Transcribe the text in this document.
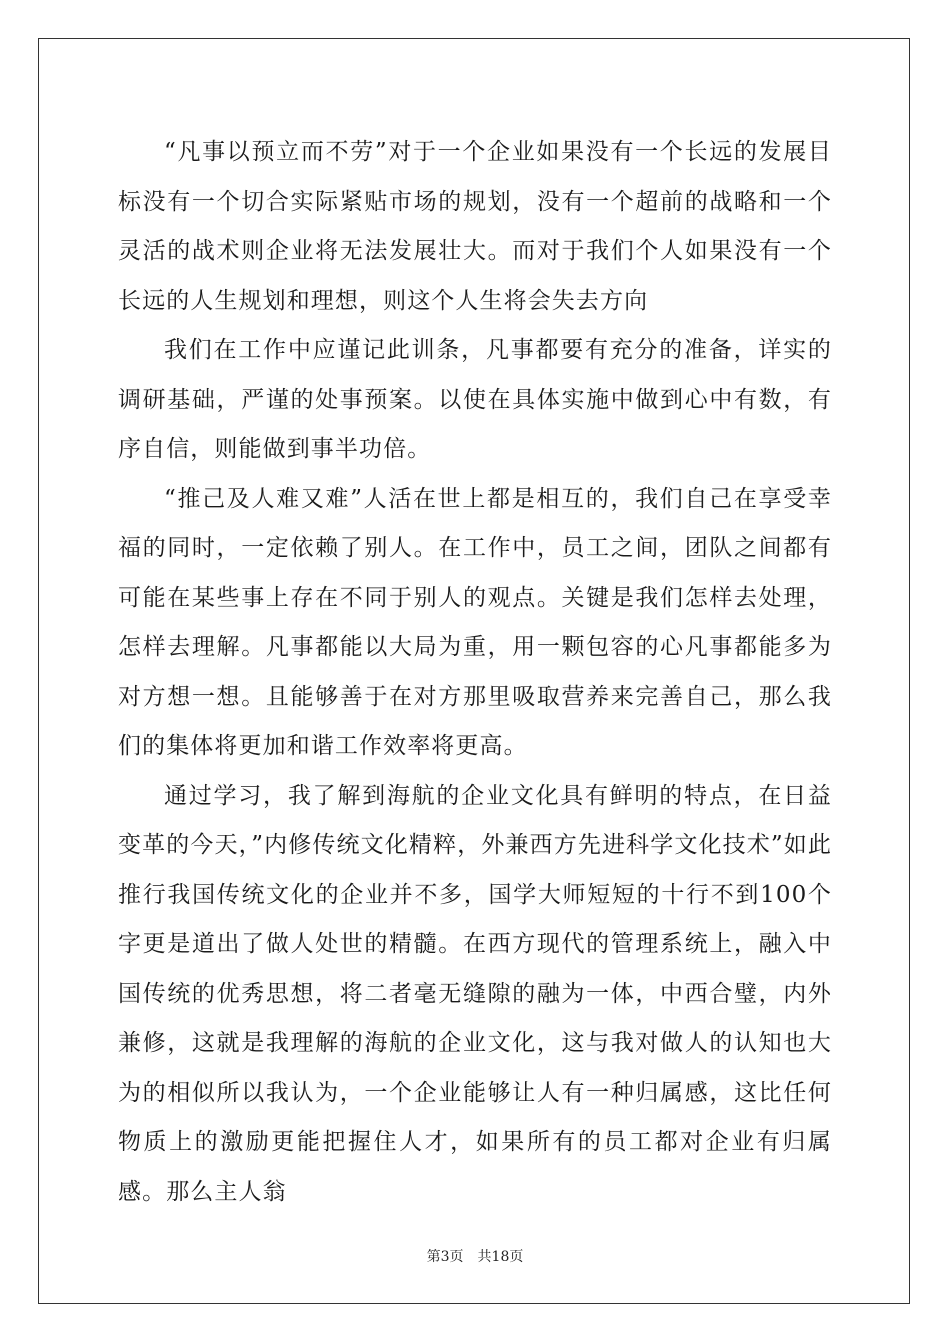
“凡事以预立而不劳”对于一个企业如果没有一个长远的发展目标没有一个切合实际紧贴市场的规划，没有一个超前的战略和一个灵活的战术则企业将无法发展壮大。而对于我们个人如果没有一个长远的人生规划和理想，则这个人生将会失去方向

我们在工作中应谨记此训条，凡事都要有充分的准备，详实的调研基础，严谨的处事预案。以使在具体实施中做到心中有数，有序自信，则能做到事半功倍。

“推己及人难又难”人活在世上都是相互的，我们自己在享受幸福的同时，一定依赖了别人。在工作中，员工之间，团队之间都有可能在某些事上存在不同于别人的观点。关键是我们怎样去处理，怎样去理解。凡事都能以大局为重，用一颗包容的心凡事都能多为对方想一想。且能够善于在对方那里吸取营养来完善自己，那么我们的集体将更加和谐工作效率将更高。

通过学习，我了解到海航的企业文化具有鲜明的特点，在日益变革的今天，”内修传统文化精粹，外兼西方先进科学文化技术”如此推行我国传统文化的企业并不多，国学大师短短的十行不到100个字更是道出了做人处世的精髓。在西方现代的管理系统上，融入中国传统的优秀思想，将二者毫无缝隙的融为一体，中西合璧，内外兼修，这就是我理解的海航的企业文化，这与我对做人的认知也大为的相似所以我认为，一个企业能够让人有一种归属感，这比任何物质上的激励更能把握住人才，如果所有的员工都对企业有归属感。那么主人翁

第3页 共18页
